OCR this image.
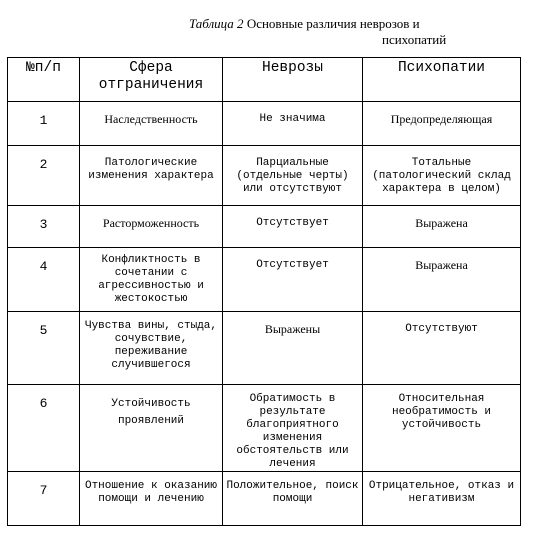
Таблица 2 Основные различия неврозов и
психопатий
№п/п	Сфера отграничения	Неврозы	Психопатии
1	Наследственность	Не значима	Предопределяющая
2	Патологические изменения характера	Парциальные (отдельные черты) или отсутствуют	Тотальные (патологический склад характера в целом)
3	Расторможенность	Отсутствует	Выражена
4	Конфликтность в сочетании с агрессивностью и жестокостью	Отсутствует	Выражена
5	Чувства вины, стыда, сочувствие, переживание случившегося	Выражены	Отсутствуют
6	Устойчивость проявлений	Обратимость в результате благоприятного изменения обстоятельств или лечения	Относительная необратимость и устойчивость
7	Отношение к оказанию помощи и лечению	Положительное, поиск помощи	Отрицательное, отказ и негативизм
